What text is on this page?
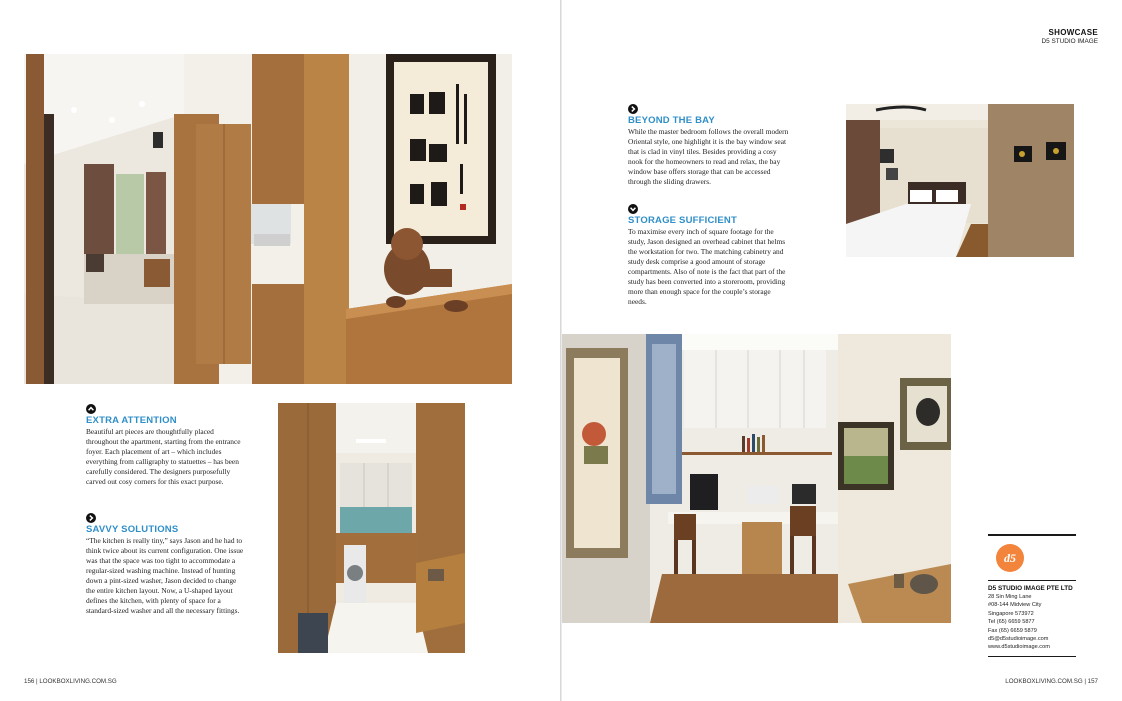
EXTRA ATTENTION

Beautiful art pieces are thoughtfully placed throughout the apartment, starting from the entrance foyer. Each placement of art – which includes everything from calligraphy to statuettes – has been carefully considered. The designers purposefully carved out cosy corners for this exact purpose.

SAVVY SOLUTIONS

“The kitchen is really tiny,” says Jason and he had to think twice about its current configuration. One issue was that the space was too tight to accommodate a regular-sized washing machine. Instead of hunting down a pint-sized washer, Jason decided to change the entire kitchen layout. Now, a U-shaped layout defines the kitchen, with plenty of space for a standard-sized washer and all the necessary fittings.

156 | LOOKBOXLIVING.COM.SG
SHOWCASE
D5 STUDIO IMAGE
BEYOND THE BAY

While the master bedroom follows the overall modern Oriental style, one highlight it is the bay window seat that is clad in vinyl tiles. Besides providing a cosy nook for the homeowners to read and relax, the bay window base offers storage that can be accessed through the sliding drawers.

STORAGE SUFFICIENT

To maximise every inch of square footage for the study, Jason designed an overhead cabinet that helms the workstation for two. The matching cabinetry and study desk comprise a good amount of storage compartments. Also of note is the fact that part of the study has been converted into a storeroom, providing more than enough space for the couple’s storage needs.

d5
D5 STUDIO IMAGE PTE LTD
28 Sin Ming Lane
#08-144 Midview City
Singapore 573972
Tel (65) 6659 5877
Fax (65) 6659 5879
d5@d5studioimage.com
www.d5studioimage.com
LOOKBOXLIVING.COM.SG | 157
